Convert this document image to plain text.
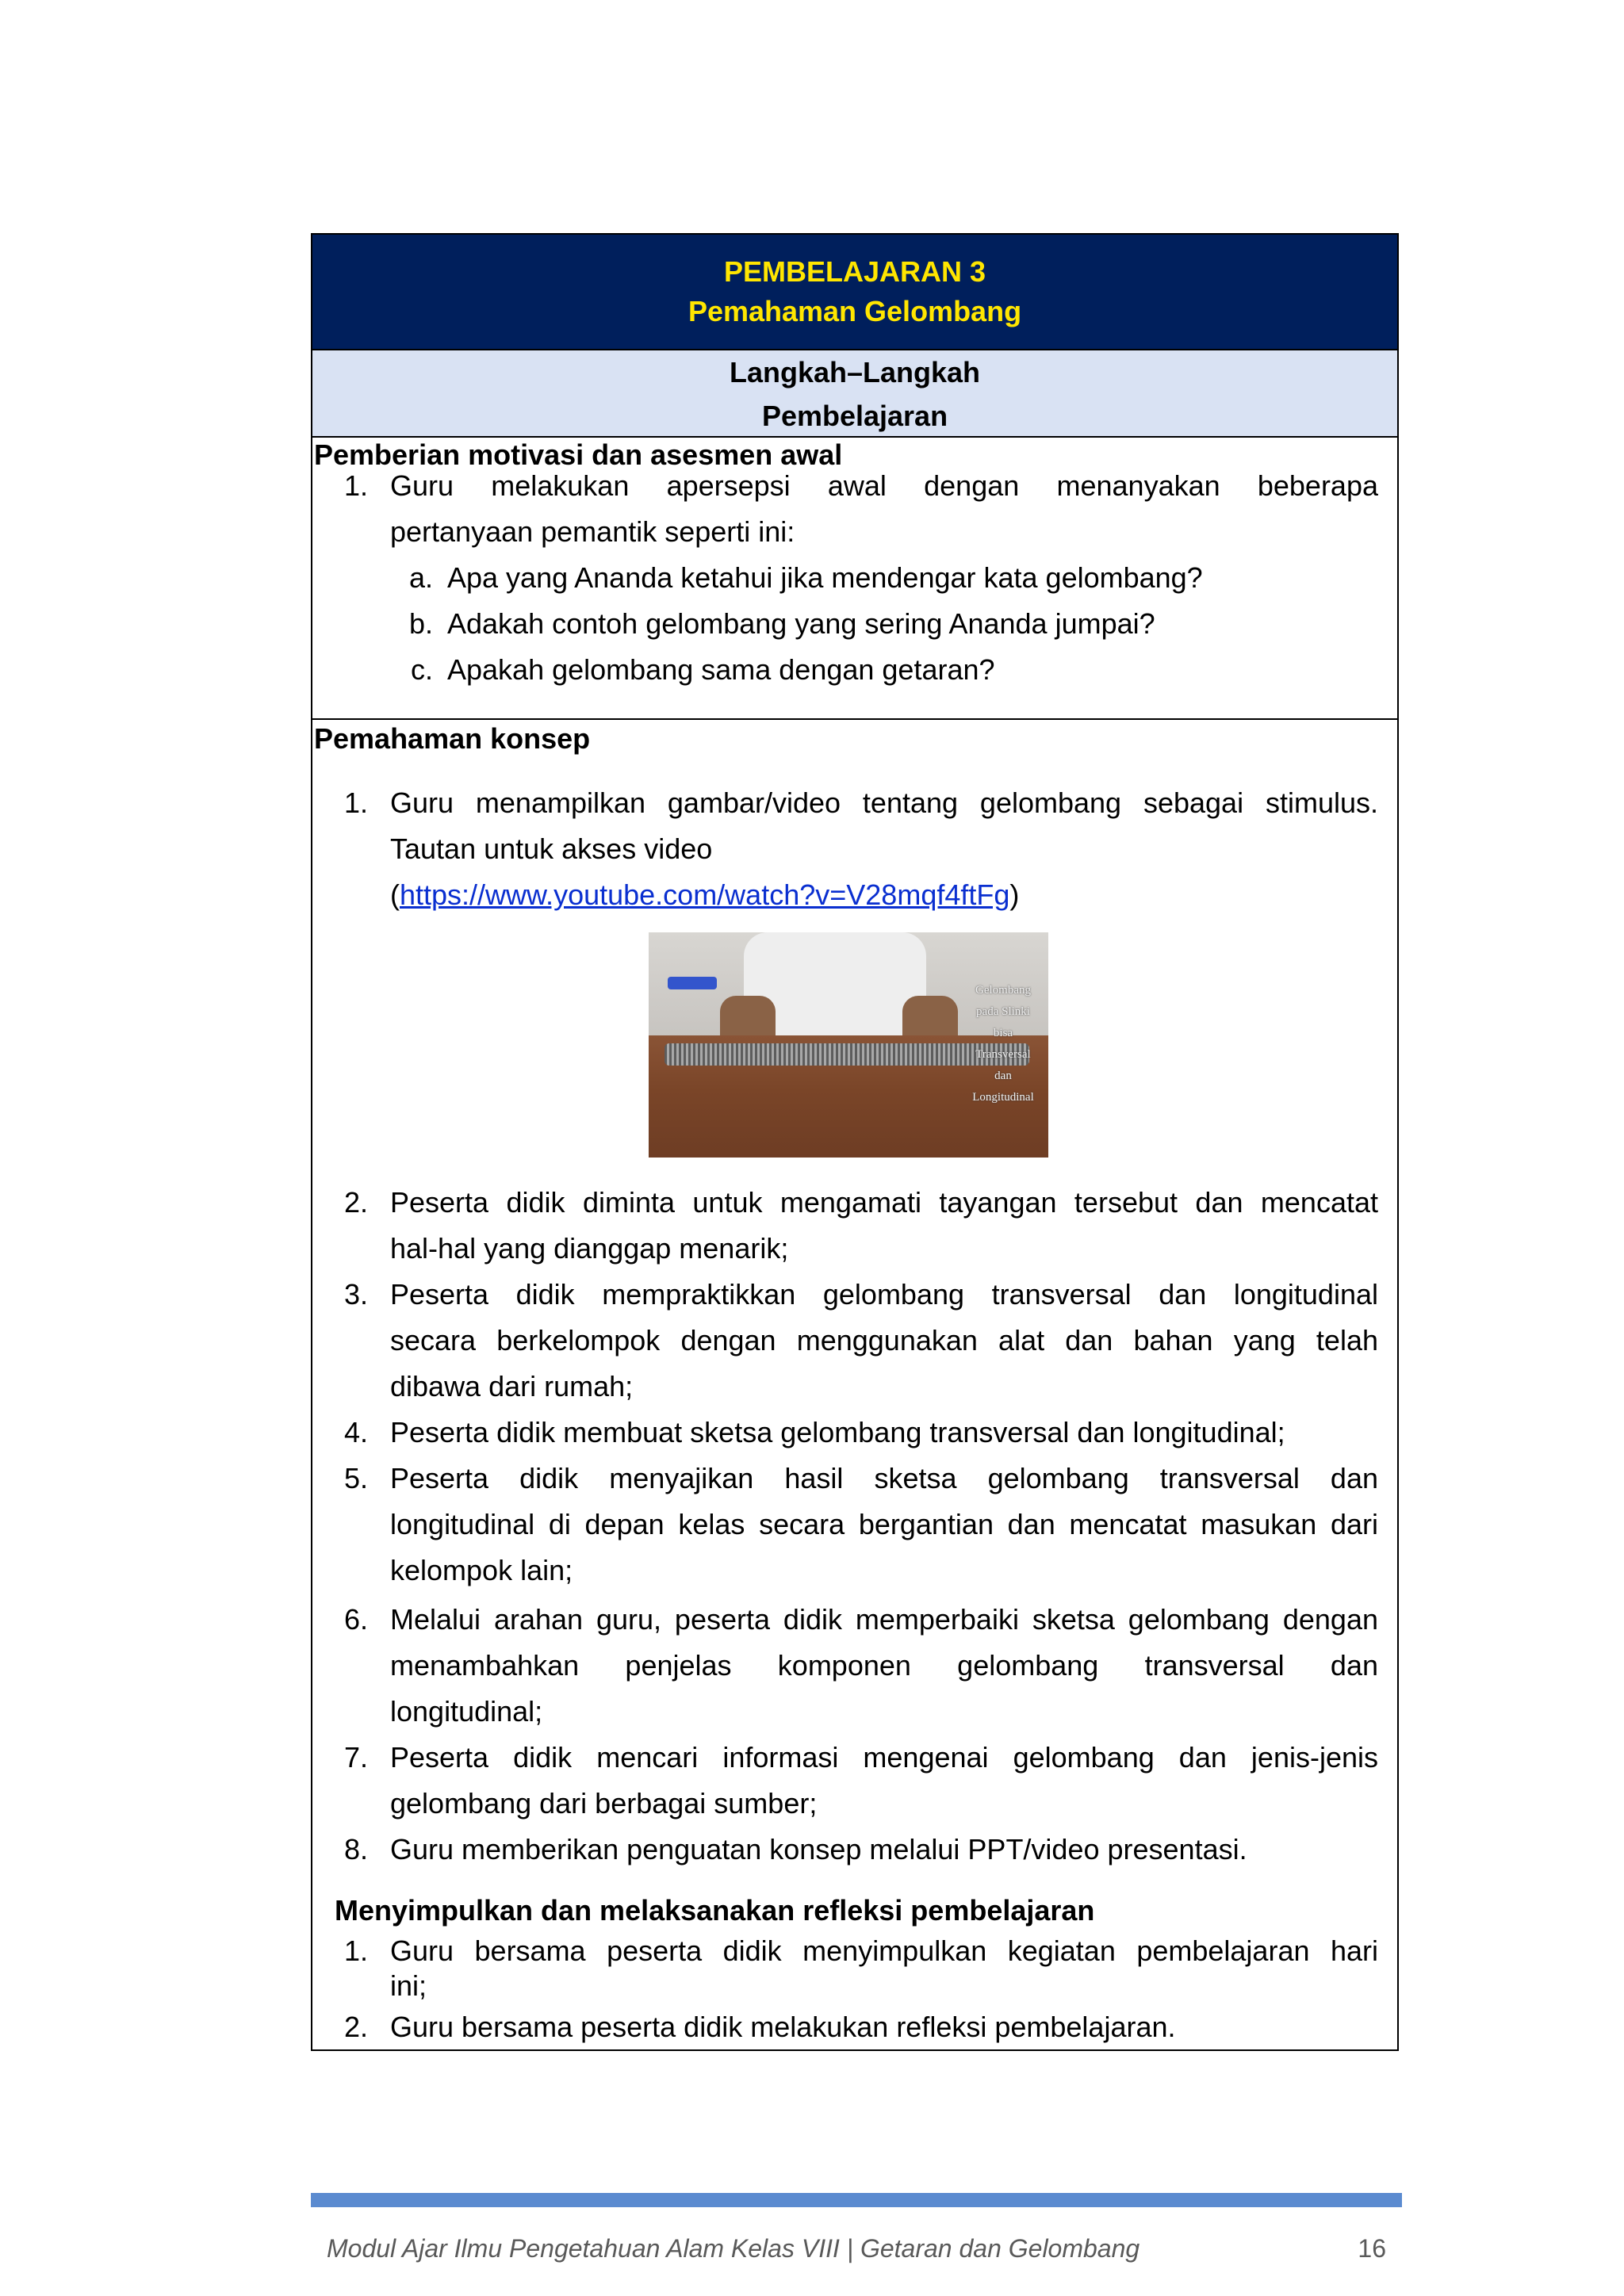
PEMBELAJARAN 3
Pemahaman Gelombang
Langkah–Langkah
Pembelajaran
Pemberian motivasi dan asesmen awal
1. Guru melakukan apersepsi awal dengan menanyakan beberapa
pertanyaan pemantik seperti ini:
a. Apa yang Ananda ketahui jika mendengar kata gelombang?
b. Adakah contoh gelombang yang sering Ananda jumpai?
c. Apakah gelombang sama dengan getaran?
Pemahaman konsep
1. Guru menampilkan gambar/video tentang gelombang sebagai stimulus.
Tautan untuk akses video
(https://www.youtube.com/watch?v=V28mqf4ftFg)
Gelombang
pada Slinki
bisa
Transversal
dan
Longitudinal
2. Peserta didik diminta untuk mengamati tayangan tersebut dan mencatat
hal-hal yang dianggap menarik;
3. Peserta didik mempraktikkan gelombang transversal dan longitudinal
secara berkelompok dengan menggunakan alat dan bahan yang telah
dibawa dari rumah;
4. Peserta didik membuat sketsa gelombang transversal dan longitudinal;
5. Peserta didik menyajikan hasil sketsa gelombang transversal dan
longitudinal di depan kelas secara bergantian dan mencatat masukan dari
kelompok lain;
6. Melalui arahan guru, peserta didik memperbaiki sketsa gelombang dengan
menambahkan penjelas komponen gelombang transversal dan
longitudinal;
7. Peserta didik mencari informasi mengenai gelombang dan jenis-jenis
gelombang dari berbagai sumber;
8. Guru memberikan penguatan konsep melalui PPT/video presentasi.
Menyimpulkan dan melaksanakan refleksi pembelajaran
1. Guru bersama peserta didik menyimpulkan kegiatan pembelajaran hari
ini;
2. Guru bersama peserta didik melakukan refleksi pembelajaran.
Modul Ajar Ilmu Pengetahuan Alam Kelas VIII | Getaran dan Gelombang	16
